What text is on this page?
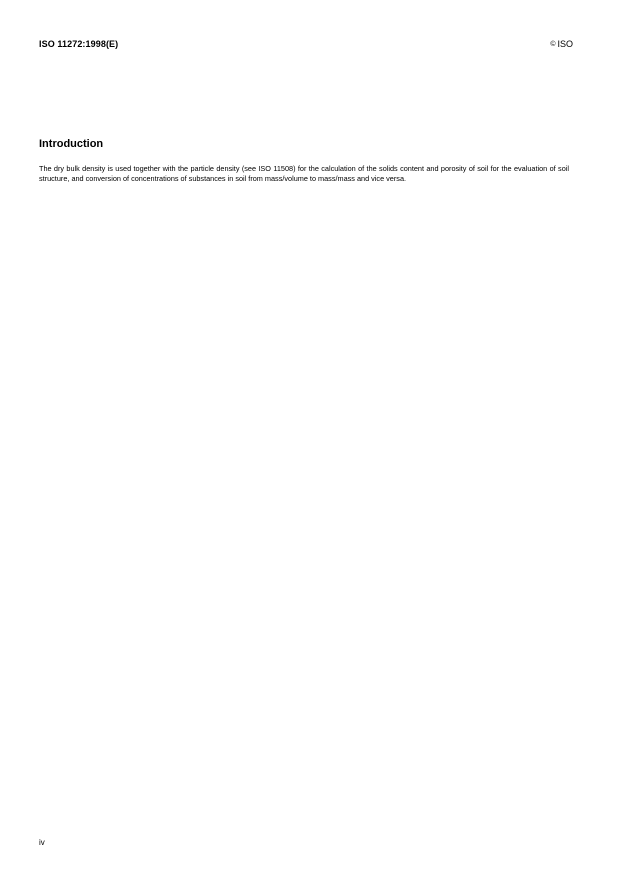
ISO 11272:1998(E)	© ISO
Introduction
The dry bulk density is used together with the particle density (see ISO 11508) for the calculation of the solids content and porosity of soil for the evaluation of soil structure, and conversion of concentrations of substances in soil from mass/volume to mass/mass and vice versa.
iv
